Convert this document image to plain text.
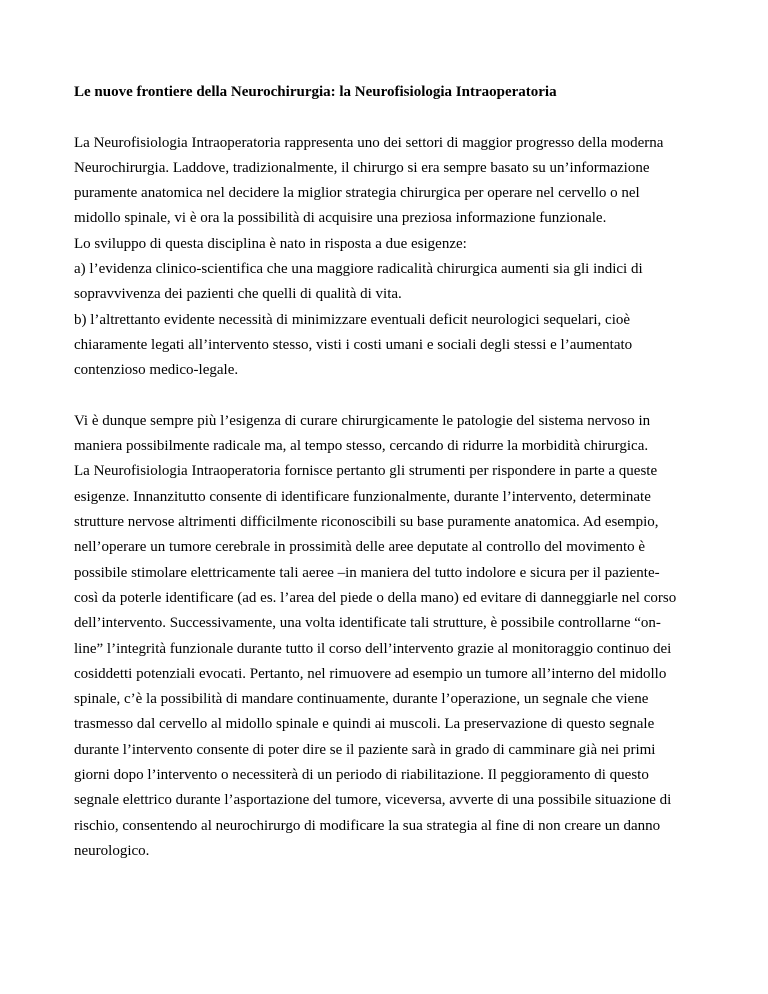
Le nuove frontiere della Neurochirurgia: la Neurofisiologia Intraoperatoria

La Neurofisiologia Intraoperatoria rappresenta uno dei settori di maggior progresso della moderna
Neurochirurgia. Laddove, tradizionalmente, il chirurgo si era sempre basato su un’informazione
puramente anatomica nel decidere la miglior strategia chirurgica per operare nel cervello o nel
midollo spinale, vi è ora la possibilità di acquisire una preziosa informazione funzionale.
Lo sviluppo di questa disciplina è nato in risposta a due esigenze:
a) l’evidenza clinico-scientifica che una maggiore radicalità chirurgica aumenti sia gli indici di
sopravvivenza dei pazienti che quelli di qualità di vita.
b) l’altrettanto evidente necessità di minimizzare eventuali deficit neurologici sequelari, cioè
chiaramente legati all’intervento stesso, visti i costi umani e sociali degli stessi e l’aumentato
contenzioso medico-legale.
Vi è dunque sempre più l’esigenza di curare chirurgicamente le patologie del sistema nervoso in
maniera possibilmente radicale ma, al tempo stesso, cercando di ridurre la morbidità chirurgica.
La Neurofisiologia Intraoperatoria fornisce pertanto gli strumenti per rispondere in parte a queste
esigenze. Innanzitutto consente di identificare funzionalmente, durante l’intervento, determinate
strutture nervose altrimenti difficilmente riconoscibili su base puramente anatomica. Ad esempio,
nell’operare un tumore cerebrale in prossimità delle aree deputate al controllo del movimento è
possibile stimolare elettricamente tali aeree –in maniera del tutto indolore e sicura per il paziente-
così da poterle identificare (ad es. l’area del piede o della mano) ed evitare di danneggiarle nel corso
dell’intervento. Successivamente, una volta identificate tali strutture, è possibile controllarne “on-
line” l’integrità funzionale durante tutto il corso dell’intervento grazie al monitoraggio continuo dei
cosiddetti potenziali evocati. Pertanto, nel rimuovere ad esempio un tumore all’interno del midollo
spinale, c’è la possibilità di mandare continuamente, durante l’operazione, un segnale che viene
trasmesso dal cervello al midollo spinale e quindi ai muscoli. La preservazione di questo segnale
durante l’intervento consente di poter dire se il paziente sarà in grado di camminare già nei primi
giorni dopo l’intervento o necessiterà di un periodo di riabilitazione. Il peggioramento di questo
segnale elettrico durante l’asportazione del tumore, viceversa, avverte di una possibile situazione di
rischio, consentendo al neurochirurgo di modificare la sua strategia al fine di non creare un danno
neurologico.
